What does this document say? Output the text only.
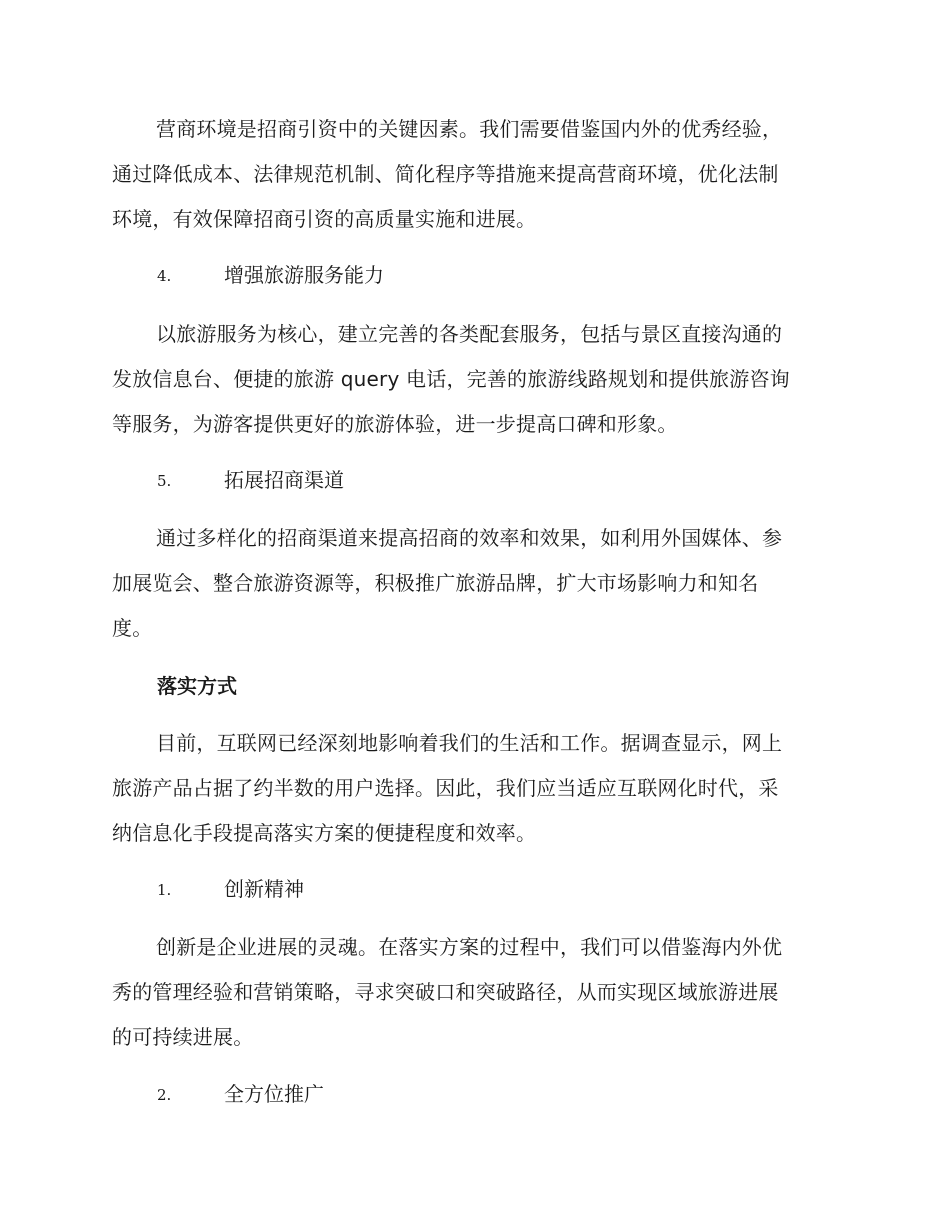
营商环境是招商引资中的关键因素。我们需要借鉴国内外的优秀经验，
通过降低成本、法律规范机制、简化程序等措施来提高营商环境，优化法制
环境，有效保障招商引资的高质量实施和进展。

4.	增强旅游服务能力

以旅游服务为核心，建立完善的各类配套服务，包括与景区直接沟通的
发放信息台、便捷的旅游 query 电话，完善的旅游线路规划和提供旅游咨询
等服务，为游客提供更好的旅游体验，进一步提高口碑和形象。

5.	拓展招商渠道

通过多样化的招商渠道来提高招商的效率和效果，如利用外国媒体、参
加展览会、整合旅游资源等，积极推广旅游品牌，扩大市场影响力和知名
度。

落实方式

目前，互联网已经深刻地影响着我们的生活和工作。据调查显示，网上
旅游产品占据了约半数的用户选择。因此，我们应当适应互联网化时代，采
纳信息化手段提高落实方案的便捷程度和效率。

1.	创新精神

创新是企业进展的灵魂。在落实方案的过程中，我们可以借鉴海内外优
秀的管理经验和营销策略，寻求突破口和突破路径，从而实现区域旅游进展
的可持续进展。

2.	全方位推广
